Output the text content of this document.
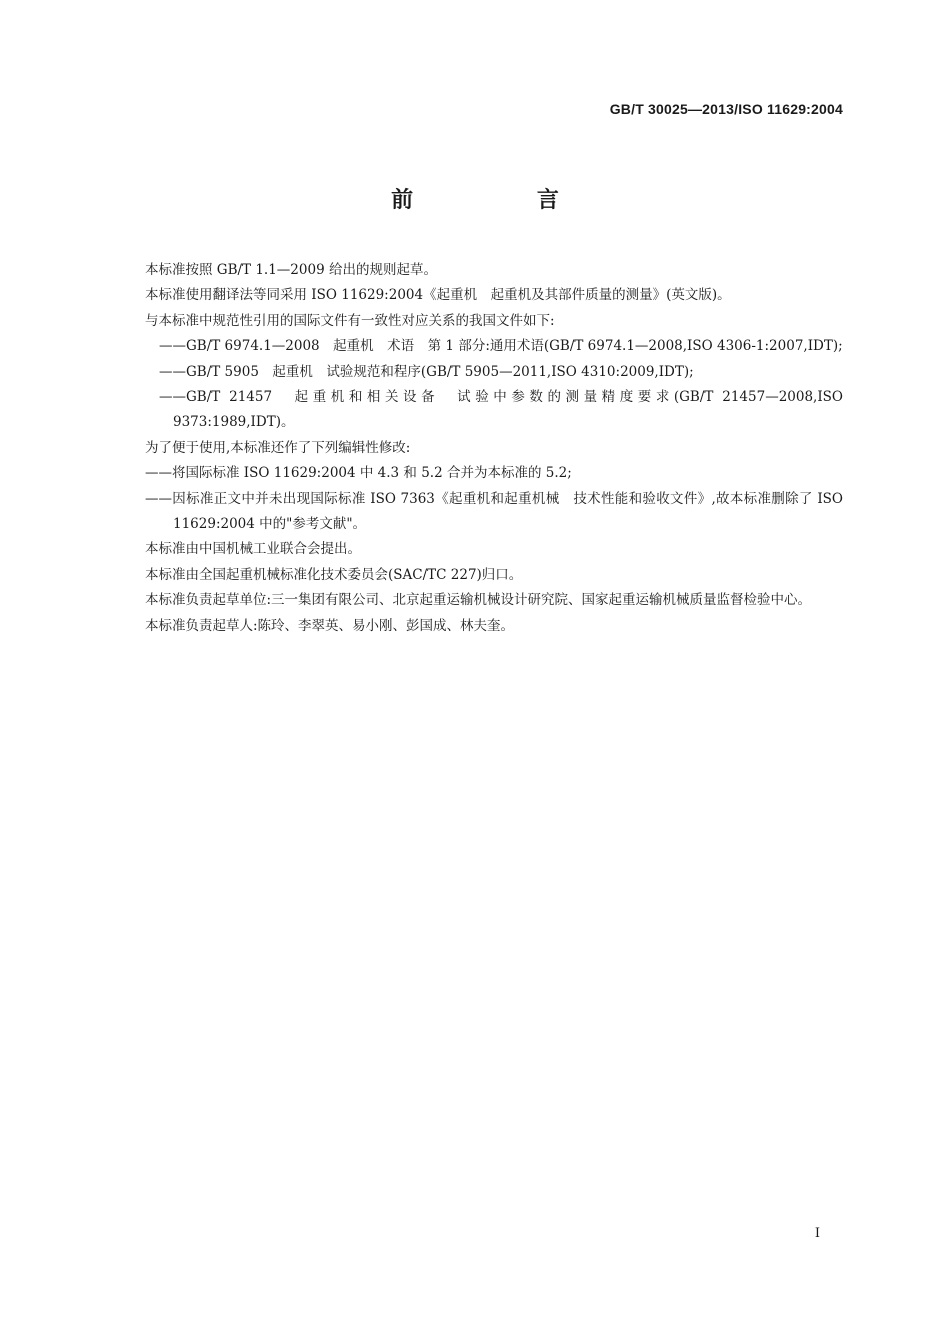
GB/T 30025—2013/ISO 11629:2004
前 言

本标准按照 GB/T 1.1—2009 给出的规则起草。

本标准使用翻译法等同采用 ISO 11629:2004《起重机　起重机及其部件质量的测量》(英文版)。

与本标准中规范性引用的国际文件有一致性对应关系的我国文件如下:

——GB/T 6974.1—2008　起重机　术语　第 1 部分:通用术语(GB/T 6974.1—2008,ISO 4306-1:2007,IDT);

——GB/T 5905　起重机　试验规范和程序(GB/T 5905—2011,ISO 4310:2009,IDT);

——GB/T 21457　起重机和相关设备　试验中参数的测量精度要求(GB/T 21457—2008,ISO 9373:1989,IDT)。

为了便于使用,本标准还作了下列编辑性修改:

——将国际标准 ISO 11629:2004 中 4.3 和 5.2 合并为本标准的 5.2;

——因标准正文中并未出现国际标准 ISO 7363《起重机和起重机械　技术性能和验收文件》,故本标准删除了 ISO 11629:2004 中的"参考文献"。

本标准由中国机械工业联合会提出。

本标准由全国起重机械标准化技术委员会(SAC/TC 227)归口。

本标准负责起草单位:三一集团有限公司、北京起重运输机械设计研究院、国家起重运输机械质量监督检验中心。

本标准负责起草人:陈玲、李翠英、易小刚、彭国成、林夫奎。

I
